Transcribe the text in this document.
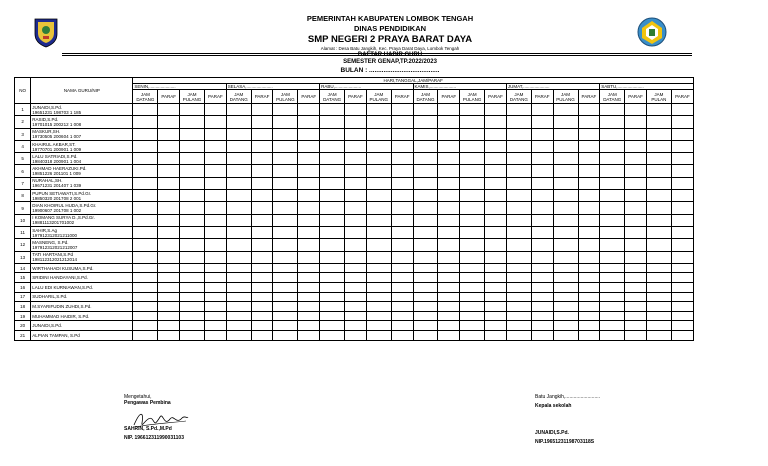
PEMERINTAH KABUPATEN LOMBOK TENGAH
DINAS PENDIDIKAN
SMP NEGERI 2 PRAYA BARAT DAYA
Alamat : Desa Batu Jangkih, Kec. Praya Darat Daya, Lombok Tengah
DAFTAR HADIR GURU
SEMESTER GENAP,TP.2022/2023
BULAN : .......................................
NO	NAMA GURU/NIP	HARI,TANGGAL,JAM/PARAF																							
		SENIN,.....................				SELASA,.....................				RABU,.....................				KAMIS,.....................				JUMAT,.....................				SABTU,.....................			
		JAM DATANG	PARAF	JAM PULANG	PARAF	JAM DATANG	PARAF	JAM PULANG	PARAF	JAM DATANG	PARAF	JAM PULANG	PARAF	JAM DATANG	PARAF	JAM PULANG	PARAF	JAM DATANG	PARAF	JAM PULANG	PARAF	JAM DATANG	PARAF	JAM PULAN	PARAF
1	JUNAIDI,S.Pd.
19651231 198703 1 185																								

2	RASID,S.Pd.
19701015 200212 1 008																								

3	MASKUR,SH.
19730505 200604 1 007																								

4	KHAIRUL AKBAR,ST.
19770701 200901 1 009																								

5	LALU SATRIADI,S.Pd.
19840318 200901 1 004																								

6	AKHMAD HAERAZUKI.Pd.
19851226 201101 1 009																								

7	NURAHAL,SH.
19671231 201407 1 039																								

8	PUPUN SETIAWATI,S.Pd.Gr.
19850320 201708 2 001																								

9	DIAN KHOIRUL HUDA,S.Pd.Gr.
19900607 201708 1 002																								

10	I KOMANG SURYA D.,S.Pd.Gr.
19881113201701002																								

11	SAHIR,S.Ag
197912312021211000																								

12	MASNENG, S.Pd.
197912312021212007																								

13	TATI HARTANI,S.Pd
198112312021212014																								

14	WIRTHAHADI KUSUMA,S.Pd.																								

15	SRIDINI HANDAYANI,S.Pd.																								

16	LALU EDI KURNIAWAN,S.Pd.																								

17	SUDHARIL,S.Pd.																								

18	M.SYARIFUDIN ZUHDI,S.Pd.																								

19	MUHAMMAD HAIDIR, S.Pd.																								

20	JUNAIDI,S.Pd.																								

21	ALPIAN TAMPAN, S.Pd																								

Mengetahui,
Pengawas Pembina
SAHRIN, S.Pd.,M.Pd
NIP. 196612311990031103
Batu Jangkih,.........................
Kepala sekolah
JUNAIDI,S.Pd.
NIP.19651231198703118S
